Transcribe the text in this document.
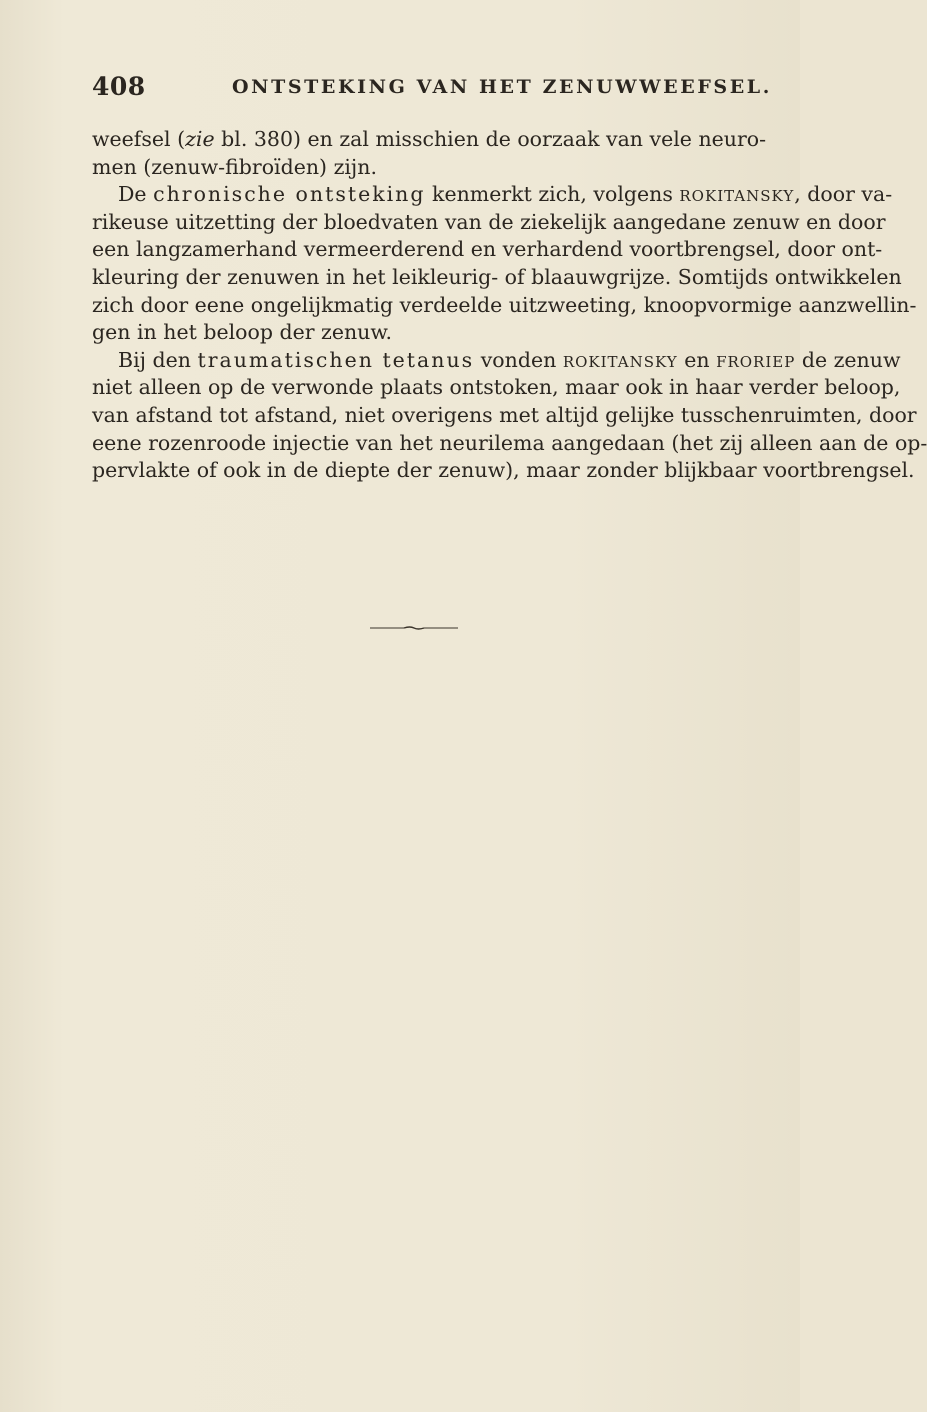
408	ONTSTEKING VAN HET ZENUWWEEFSEL.
weefsel (zie bl. 380) en zal misschien de oorzaak van vele neuro-
men (zenuw-fibroïden) zijn.
De chronische ontsteking kenmerkt zich, volgens ROKITANSKY, door va-
rikeuse uitzetting der bloedvaten van de ziekelijk aangedane zenuw en door
een langzamerhand vermeerderend en verhardend voortbrengsel, door ont-
kleuring der zenuwen in het leikleurig- of blaauwgrijze. Somtijds ontwikkelen
zich door eene ongelijkmatig verdeelde uitzweeting, knoopvormige aanzwellin-
gen in het beloop der zenuw.
Bij den traumatischen tetanus vonden ROKITANSKY en FRORIEP de zenuw
niet alleen op de verwonde plaats ontstoken, maar ook in haar verder beloop,
van afstand tot afstand, niet overigens met altijd gelijke tusschenruimten, door
eene rozenroode injectie van het neurilema aangedaan (het zij alleen aan de op-
pervlakte of ook in de diepte der zenuw), maar zonder blijkbaar voortbrengsel.
